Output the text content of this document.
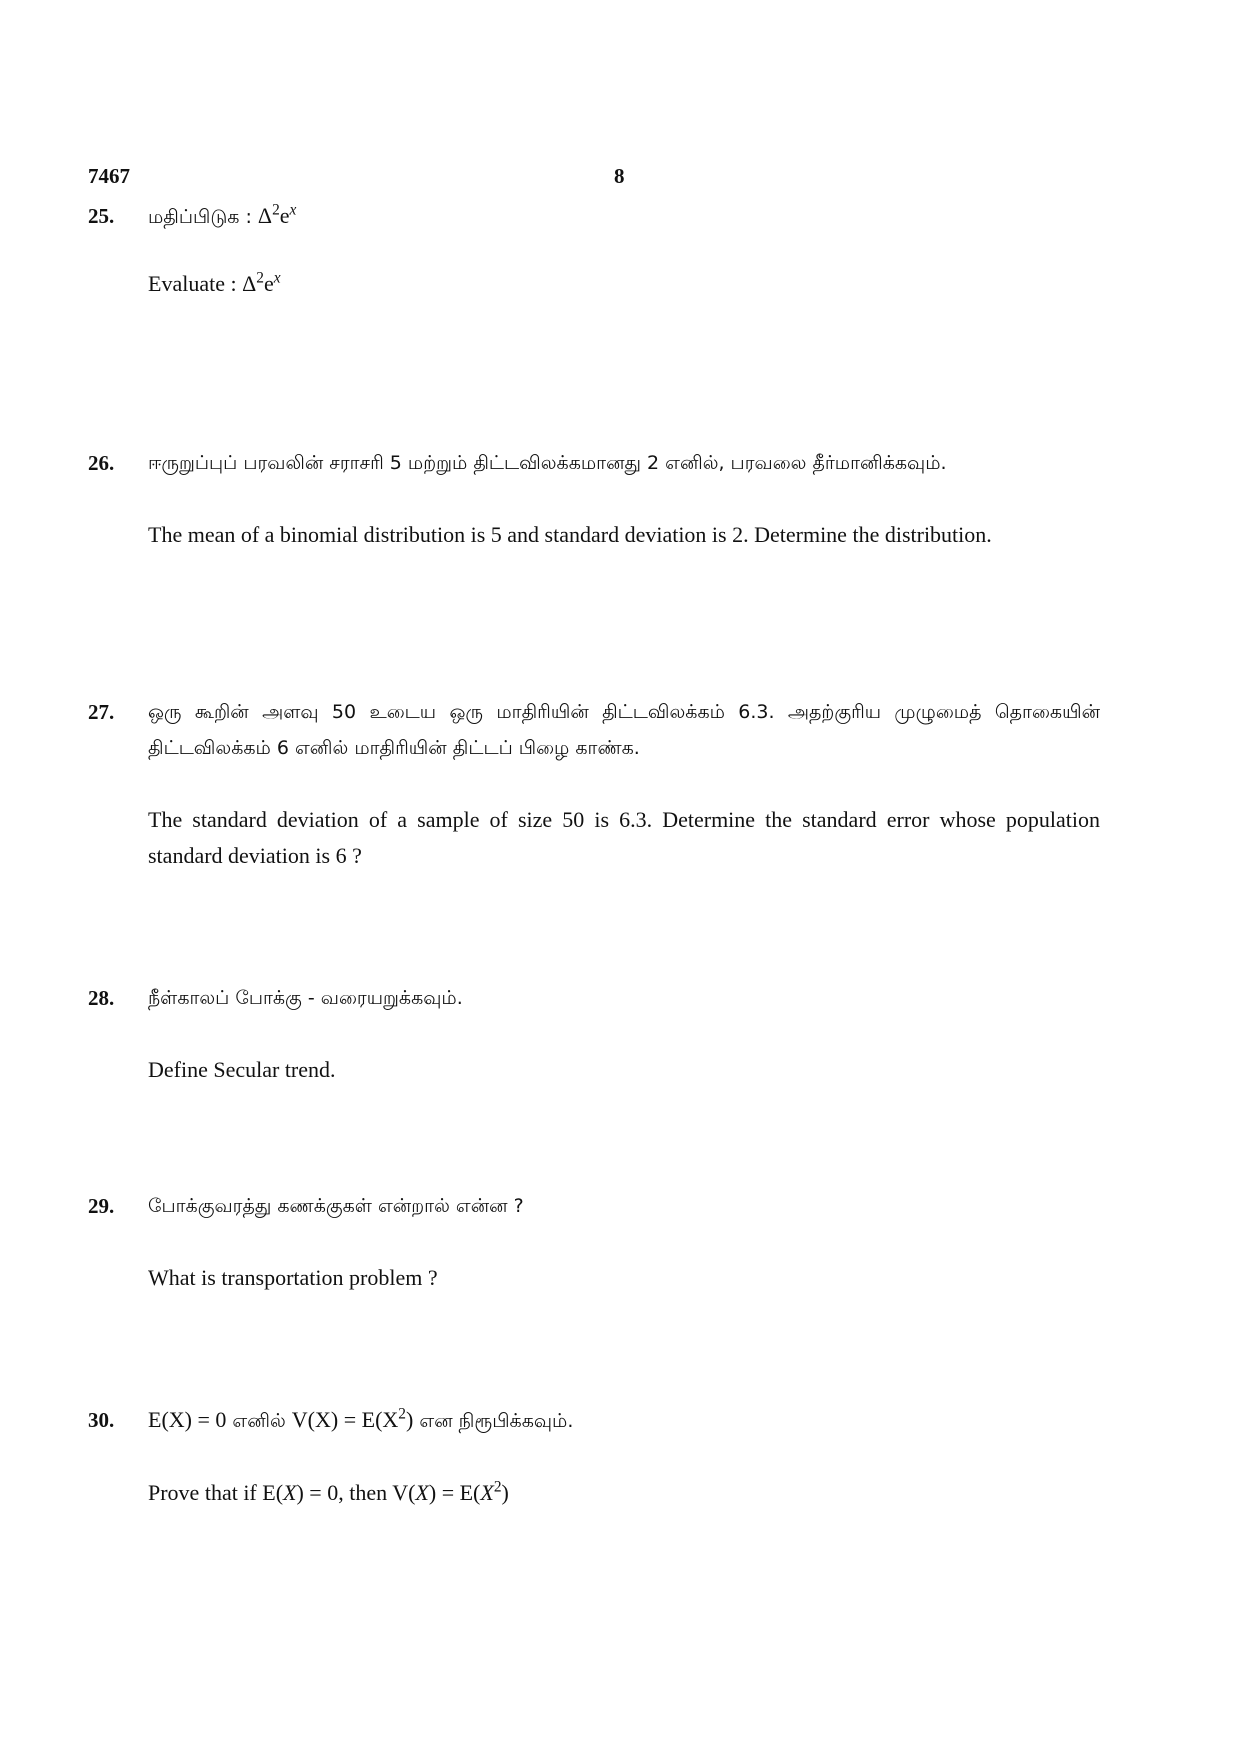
7467	8
25. மதிப்பிடுக : $\Delta^2e^x$

Evaluate : $\Delta^2e^x$

26. ஈருறுப்புப் பரவலின் சராசரி 5 மற்றும் திட்டவிலக்கமானது 2 எனில், பரவலை தீர்மானிக்கவும்.

The mean of a binomial distribution is 5 and standard deviation is 2. Determine the distribution.

27. ஒரு கூறின் அளவு 50 உடைய ஒரு மாதிரியின் திட்டவிலக்கம் 6.3. அதற்குரிய முழுமைத் தொகையின் திட்டவிலக்கம் 6 எனில் மாதிரியின் திட்டப் பிழை காண்க.

The standard deviation of a sample of size 50 is 6.3. Determine the standard error whose population standard deviation is 6 ?

28. நீள்காலப் போக்கு - வரையறுக்கவும்.

Define Secular trend.

29. போக்குவரத்து கணக்குகள் என்றால் என்ன ?

What is transportation problem ?

30. E(X) = 0 எனில் $V(X) = E(X^2)$ என நிரூபிக்கவும்.

Prove that if E(X) = 0, then $V(X) = E(X^2)$
